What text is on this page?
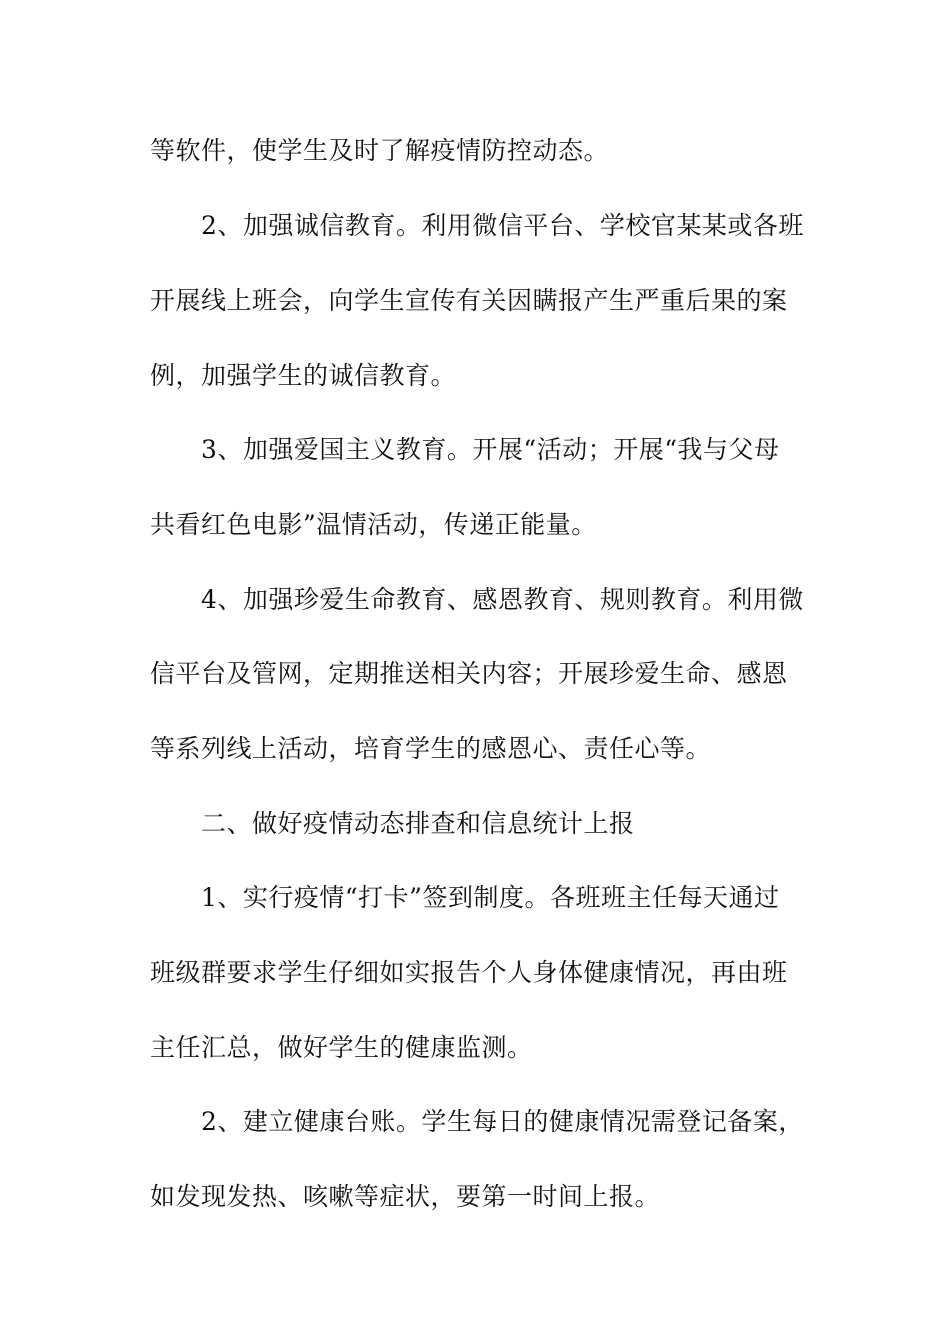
等软件，使学生及时了解疫情防控动态。
2、加强诚信教育。利用微信平台、学校官某某或各班
开展线上班会，向学生宣传有关因瞒报产生严重后果的案
例，加强学生的诚信教育。
3、加强爱国主义教育。开展“活动；开展“我与父母
共看红色电影”温情活动，传递正能量。
4、加强珍爱生命教育、感恩教育、规则教育。利用微
信平台及管网，定期推送相关内容；开展珍爱生命、感恩
等系列线上活动，培育学生的感恩心、责任心等。
二、做好疫情动态排查和信息统计上报
1、实行疫情“打卡”签到制度。各班班主任每天通过
班级群要求学生仔细如实报告个人身体健康情况，再由班
主任汇总，做好学生的健康监测。
2、建立健康台账。学生每日的健康情况需登记备案，
如发现发热、咳嗽等症状，要第一时间上报。
